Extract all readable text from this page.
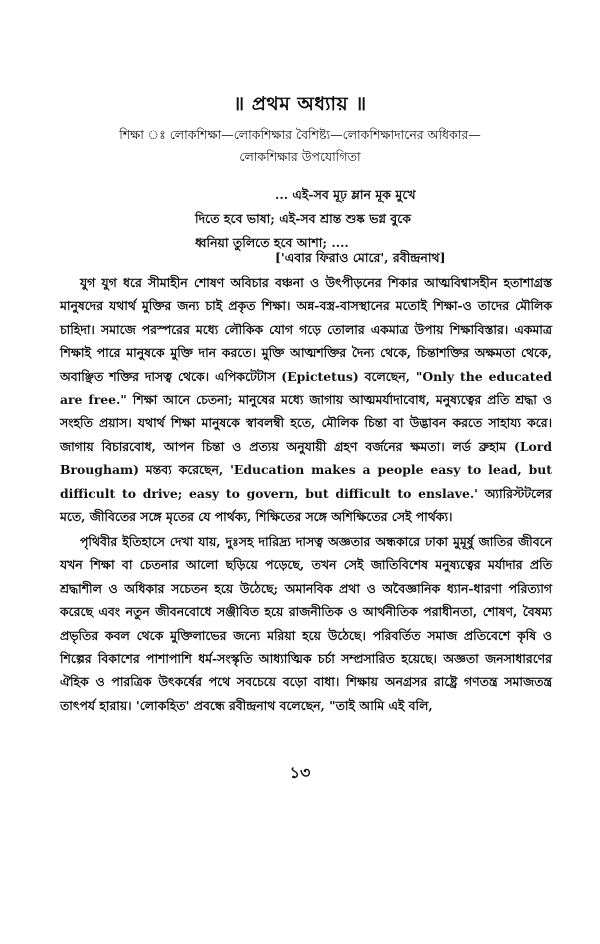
॥ প্রথম অধ্যায় ॥
শিক্ষা ঃ লোকশিক্ষা—লোকশিক্ষার বৈশিষ্ট্য—লোকশিক্ষাদানের অধিকার—লোকশিক্ষার উপযোগিতা
... এই-সব মূঢ় ম্লান মূক মুখে
দিতে হবে ভাষা; এই-সব শ্রান্ত শুষ্ক ভগ্ন বুকে
ধ্বনিয়া তুলিতে হবে আশা; ....
['এবার ফিরাও মোরে', রবীন্দ্রনাথ]

যুগ যুগ ধরে সীমাহীন শোষণ অবিচার বঞ্চনা ও উৎপীড়নের শিকার আত্মবিশ্বাসহীন হতাশাগ্রস্ত মানুষদের যথার্থ মুক্তির জন্য চাই প্রকৃত শিক্ষা। অন্ন-বস্ত্র-বাসস্থানের মতোই শিক্ষা-ও তাদের মৌলিক চাহিদা। সমাজে পরস্পরের মধ্যে লৌকিক যোগ গড়ে তোলার একমাত্র উপায় শিক্ষাবিস্তার। একমাত্র শিক্ষাই পারে মানুষকে মুক্তি দান করতে। মুক্তি আত্মশক্তির দৈন্য থেকে, চিন্তাশক্তির অক্ষমতা থেকে, অবাঞ্ছিত শক্তির দাসত্ব থেকে। এপিকটেটাস (Epictetus) বলেছেন, "Only the educated are free." শিক্ষা আনে চেতনা; মানুষের মধ্যে জাগায় আত্মমর্যাদাবোধ, মনুষ্যত্বের প্রতি শ্রদ্ধা ও সংহতি প্রয়াস। যথার্থ শিক্ষা মানুষকে স্বাবলম্বী হতে, মৌলিক চিন্তা বা উদ্ভাবন করতে সাহায্য করে। জাগায় বিচারবোধ, আপন চিন্তা ও প্রত্যয় অনুযায়ী গ্রহণ বর্জনের ক্ষমতা। লর্ড ব্রুহাম (Lord Brougham) মন্তব্য করেছেন, 'Education makes a people easy to lead, but difficult to drive; easy to govern, but difficult to enslave.' অ্যারিস্টটলের মতে, জীবিতের সঙ্গে মৃতের যে পার্থক্য, শিক্ষিতের সঙ্গে অশিক্ষিতের সেই পার্থক্য।

পৃথিবীর ইতিহাসে দেখা যায়, দুঃসহ দারিদ্র্য দাসত্ব অজ্ঞতার অন্ধকারে ঢাকা মুমূর্ষু জাতির জীবনে যখন শিক্ষা বা চেতনার আলো ছড়িয়ে পড়েছে, তখন সেই জাতিবিশেষ মনুষ্যত্বের মর্যাদার প্রতি শ্রদ্ধাশীল ও অধিকার সচেতন হয়ে উঠেছে; অমানবিক প্রথা ও অবৈজ্ঞানিক ধ্যান-ধারণা পরিত্যাগ করেছে এবং নতুন জীবনবোধে সঞ্জীবিত হয়ে রাজনীতিক ও আর্থনীতিক পরাধীনতা, শোষণ, বৈষম্য প্রভৃতির কবল থেকে মুক্তিলাভের জন্যে মরিয়া হয়ে উঠেছে। পরিবর্তিত সমাজ প্রতিবেশে কৃষি ও শিল্পের বিকাশের পাশাপাশি ধর্ম-সংস্কৃতি আধ্যাত্মিক চর্চা সম্প্রসারিত হয়েছে। অজ্ঞতা জনসাধারণের ঐহিক ও পারত্রিক উৎকর্ষের পথে সবচেয়ে বড়ো বাধা। শিক্ষায় অনগ্রসর রাষ্ট্রে গণতন্ত্র সমাজতন্ত্র তাৎপর্য হারায়। 'লোকহিত' প্রবন্ধে রবীন্দ্রনাথ বলেছেন, "তাই আমি এই বলি,

১৩
